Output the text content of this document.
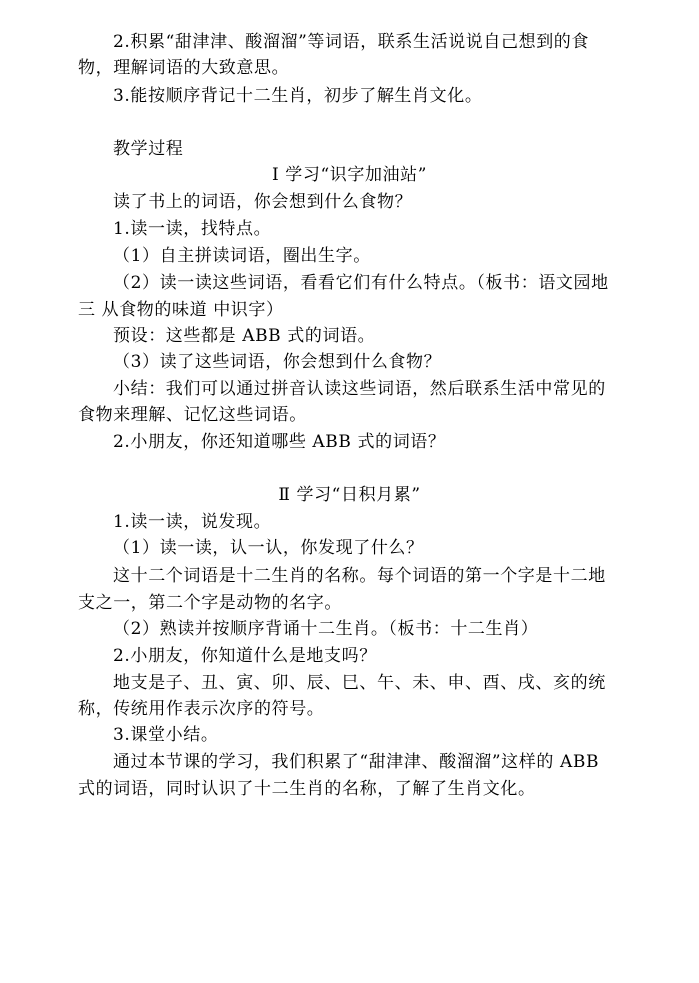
2.积累“甜津津、酸溜溜”等词语，联系生活说说自己想到的食
物，理解词语的大致意思。
3.能按顺序背记十二生肖，初步了解生肖文化。
教学过程
Ⅰ 学习“识字加油站”
读了书上的词语，你会想到什么食物？
1.读一读，找特点。
（1）自主拼读词语，圈出生字。
（2）读一读这些词语，看看它们有什么特点。（板书：语文园地
三 从食物的味道 中识字）
预设：这些都是 ABB 式的词语。
（3）读了这些词语，你会想到什么食物？
小结：我们可以通过拼音认读这些词语，然后联系生活中常见的
食物来理解、记忆这些词语。
2.小朋友，你还知道哪些 ABB 式的词语？
Ⅱ 学习“日积月累”
1.读一读，说发现。
（1）读一读，认一认，你发现了什么？
这十二个词语是十二生肖的名称。每个词语的第一个字是十二地
支之一，第二个字是动物的名字。
（2）熟读并按顺序背诵十二生肖。（板书：十二生肖）
2.小朋友，你知道什么是地支吗？
地支是子、丑、寅、卯、辰、巳、午、未、申、酉、戌、亥的统
称，传统用作表示次序的符号。
3.课堂小结。
通过本节课的学习，我们积累了“甜津津、酸溜溜”这样的 ABB
式的词语，同时认识了十二生肖的名称，了解了生肖文化。
